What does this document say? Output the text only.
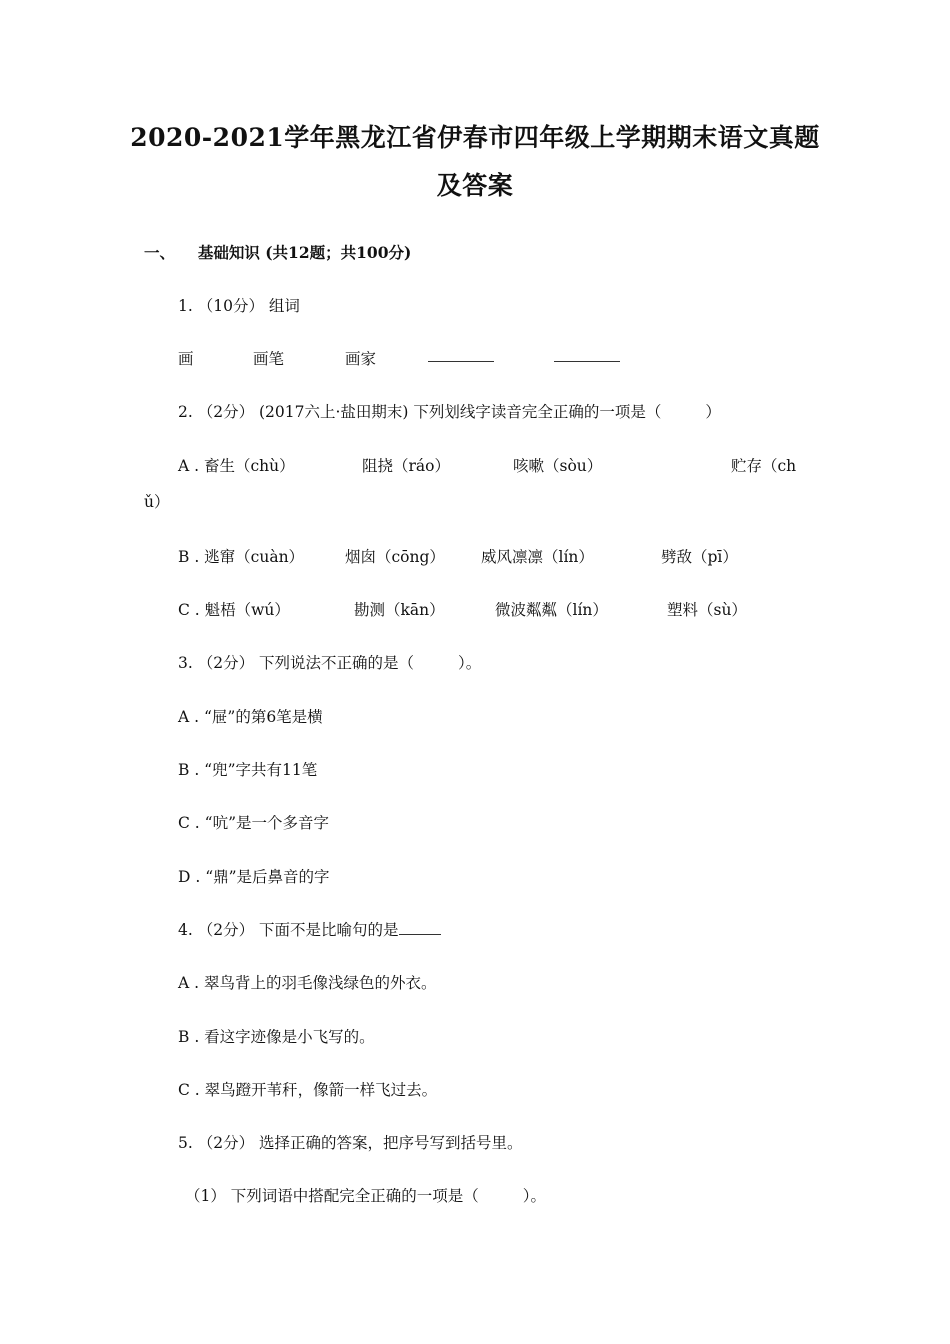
2020-2021学年黑龙江省伊春市四年级上学期期末语文真题
及答案
一、 基础知识 (共12题；共100分)
1. （10分） 组词
画	画笔	画家
2. （2分） (2017六上·盐田期末) 下列划线字读音完全正确的一项是（	）
A . 畜生（chù）	阻挠（ráo）	咳嗽（sòu）	贮存（ch
ǔ）
B . 逃窜（cuàn）	烟囱（cōng） 威风凛凛（lín）	劈敌（pī）
C . 魁梧（wú）	勘测（kān）	微波粼粼（lín）	塑料（sù）
3. （2分） 下列说法不正确的是（	）。
A . “屉”的第6笔是横
B . “兜”字共有11笔
C . “吭”是一个多音字
D . “鼎”是后鼻音的字
4. （2分） 下面不是比喻句的是
A . 翠鸟背上的羽毛像浅绿色的外衣。
B . 看这字迹像是小飞写的。
C . 翠鸟蹬开苇秆，像箭一样飞过去。
5. （2分） 选择正确的答案，把序号写到括号里。
（1） 下列词语中搭配完全正确的一项是（	）。
